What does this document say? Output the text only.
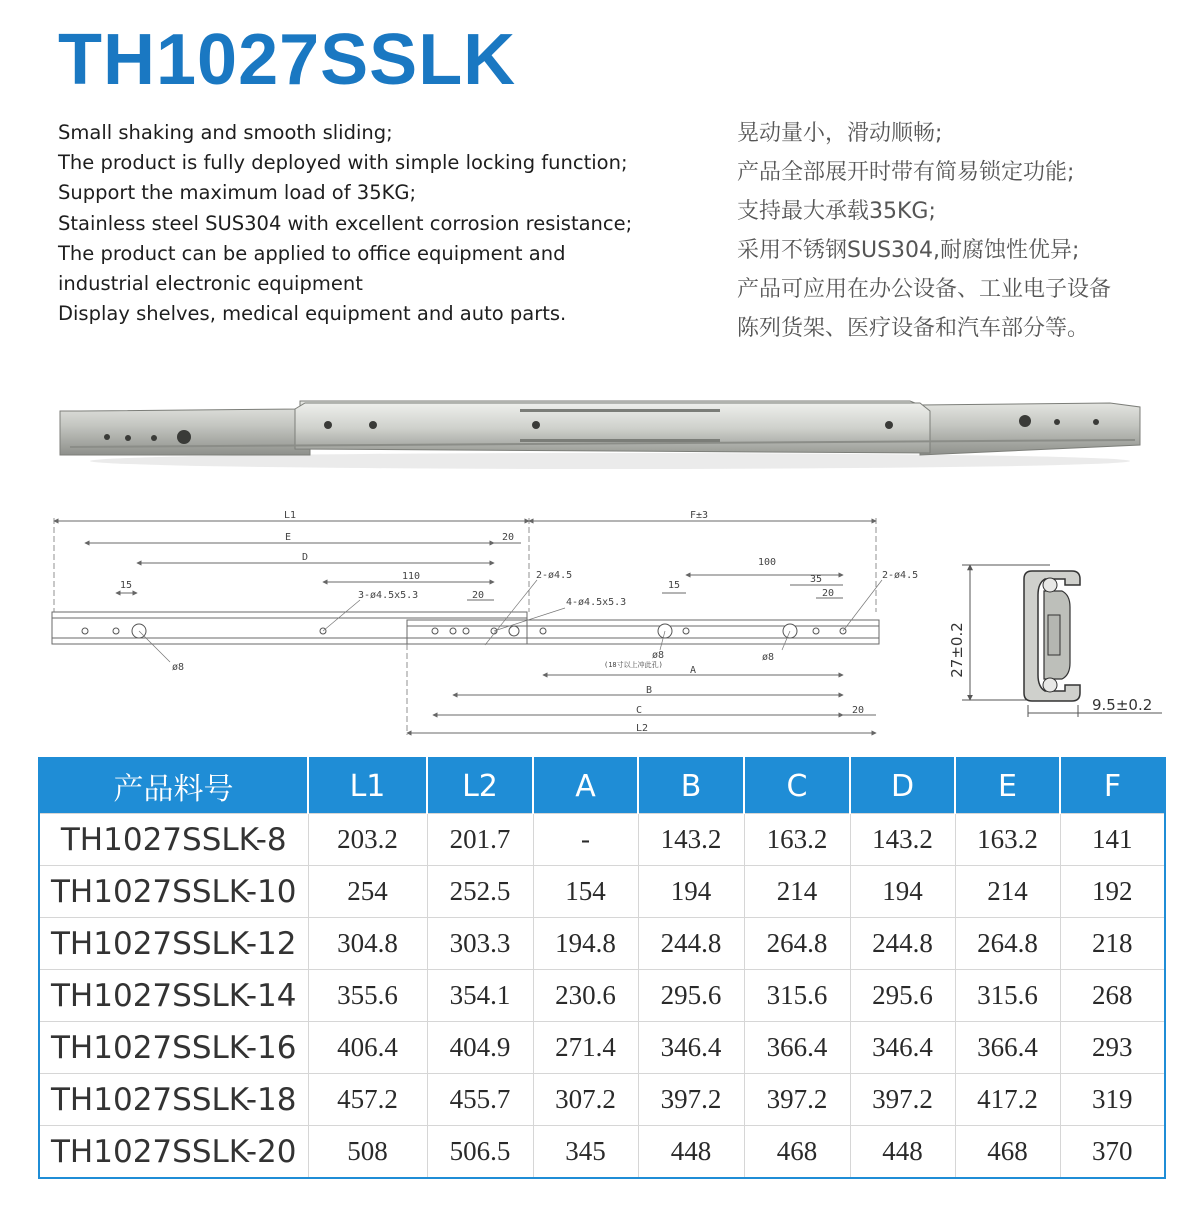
TH1027SSLK
Small shaking and smooth sliding;
The product is fully deployed with simple locking function;
Support the maximum load of 35KG;
Stainless steel SUS304 with excellent corrosion resistance;
The product can be applied to office equipment and
industrial electronic equipment
Display shelves, medical equipment and auto parts.
晃动量小，滑动顺畅;
产品全部展开时带有简易锁定功能;
支持最大承载35KG;
采用不锈钢SUS304,耐腐蚀性优异;
产品可应用在办公设备、工业电子设备
陈列货架、医疗设备和汽车部分等。
L1	F±3
E	20
D
110
15
3-ø4.5x5.3	20
2-ø4.5
4-ø4.5x5.3
100
35
20
15
2-ø4.5
ø8
ø8	ø8
(18寸以上冲此孔)	A
B
C	20
L2
27±0.2
9.5±0.2
产品料号	L1	L2	A	B	C	D	E	F
TH1027SSLK-8	203.2	201.7	-	143.2	163.2	143.2	163.2	141
TH1027SSLK-10	254	252.5	154	194	214	194	214	192
TH1027SSLK-12	304.8	303.3	194.8	244.8	264.8	244.8	264.8	218
TH1027SSLK-14	355.6	354.1	230.6	295.6	315.6	295.6	315.6	268
TH1027SSLK-16	406.4	404.9	271.4	346.4	366.4	346.4	366.4	293
TH1027SSLK-18	457.2	455.7	307.2	397.2	397.2	397.2	417.2	319
TH1027SSLK-20	508	506.5	345	448	468	448	468	370
